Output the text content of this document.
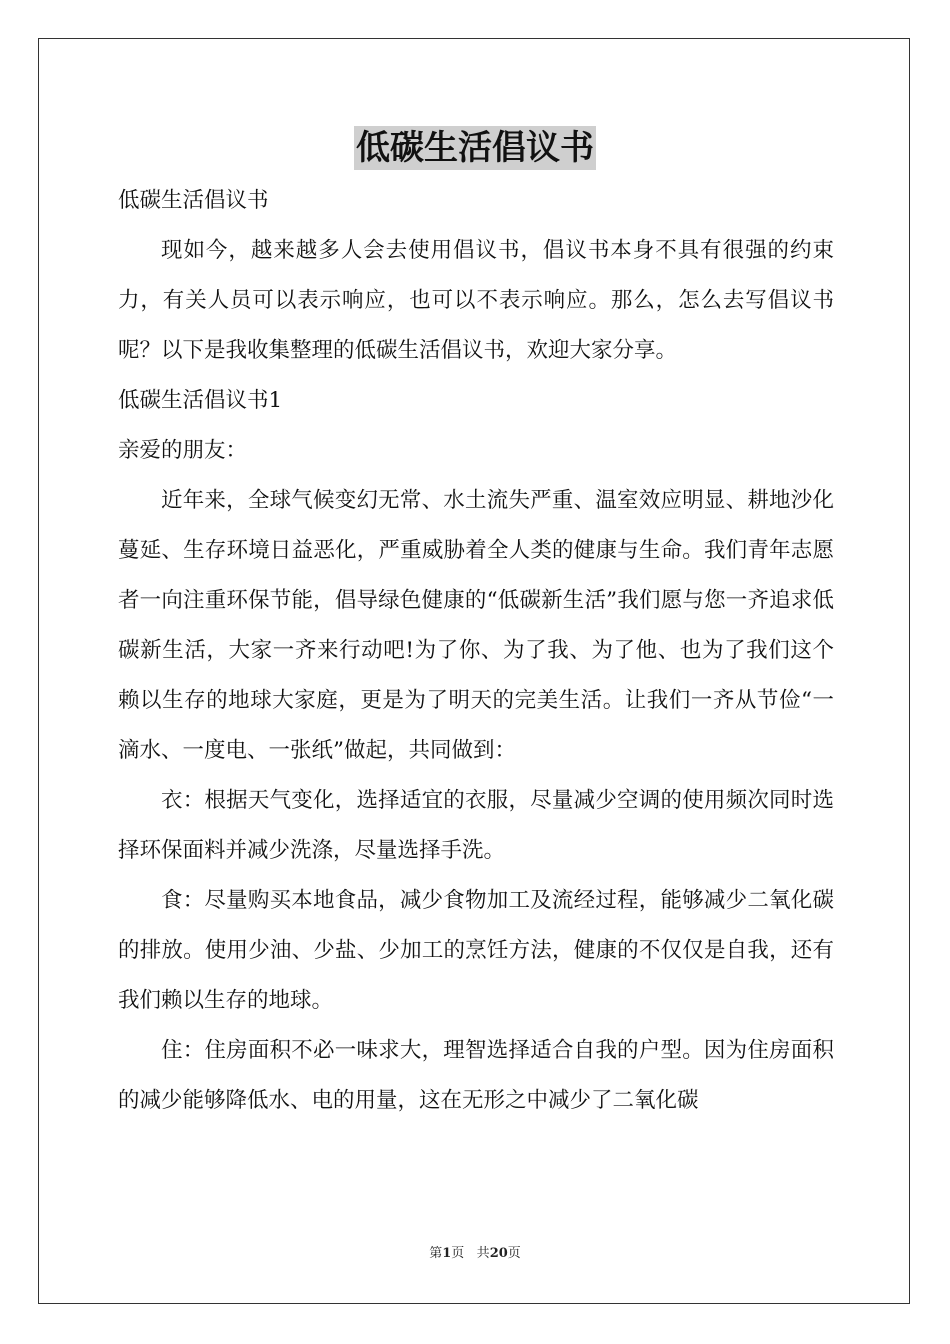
低碳生活倡议书

低碳生活倡议书

现如今，越来越多人会去使用倡议书，倡议书本身不具有很强的约束力，有关人员可以表示响应，也可以不表示响应。那么，怎么去写倡议书呢？以下是我收集整理的低碳生活倡议书，欢迎大家分享。

低碳生活倡议书1

亲爱的朋友：

近年来，全球气候变幻无常、水土流失严重、温室效应明显、耕地沙化蔓延、生存环境日益恶化，严重威胁着全人类的健康与生命。我们青年志愿者一向注重环保节能，倡导绿色健康的“低碳新生活”我们愿与您一齐追求低碳新生活，大家一齐来行动吧!为了你、为了我、为了他、也为了我们这个赖以生存的地球大家庭，更是为了明天的完美生活。让我们一齐从节俭“一滴水、一度电、一张纸”做起，共同做到：

衣：根据天气变化，选择适宜的衣服，尽量减少空调的使用频次同时选择环保面料并减少洗涤，尽量选择手洗。

食：尽量购买本地食品，减少食物加工及流经过程，能够减少二氧化碳的排放。使用少油、少盐、少加工的烹饪方法，健康的不仅仅是自我，还有我们赖以生存的地球。

住：住房面积不必一味求大，理智选择适合自我的户型。因为住房面积的减少能够降低水、电的用量，这在无形之中减少了二氧化碳

第1页 共20页
